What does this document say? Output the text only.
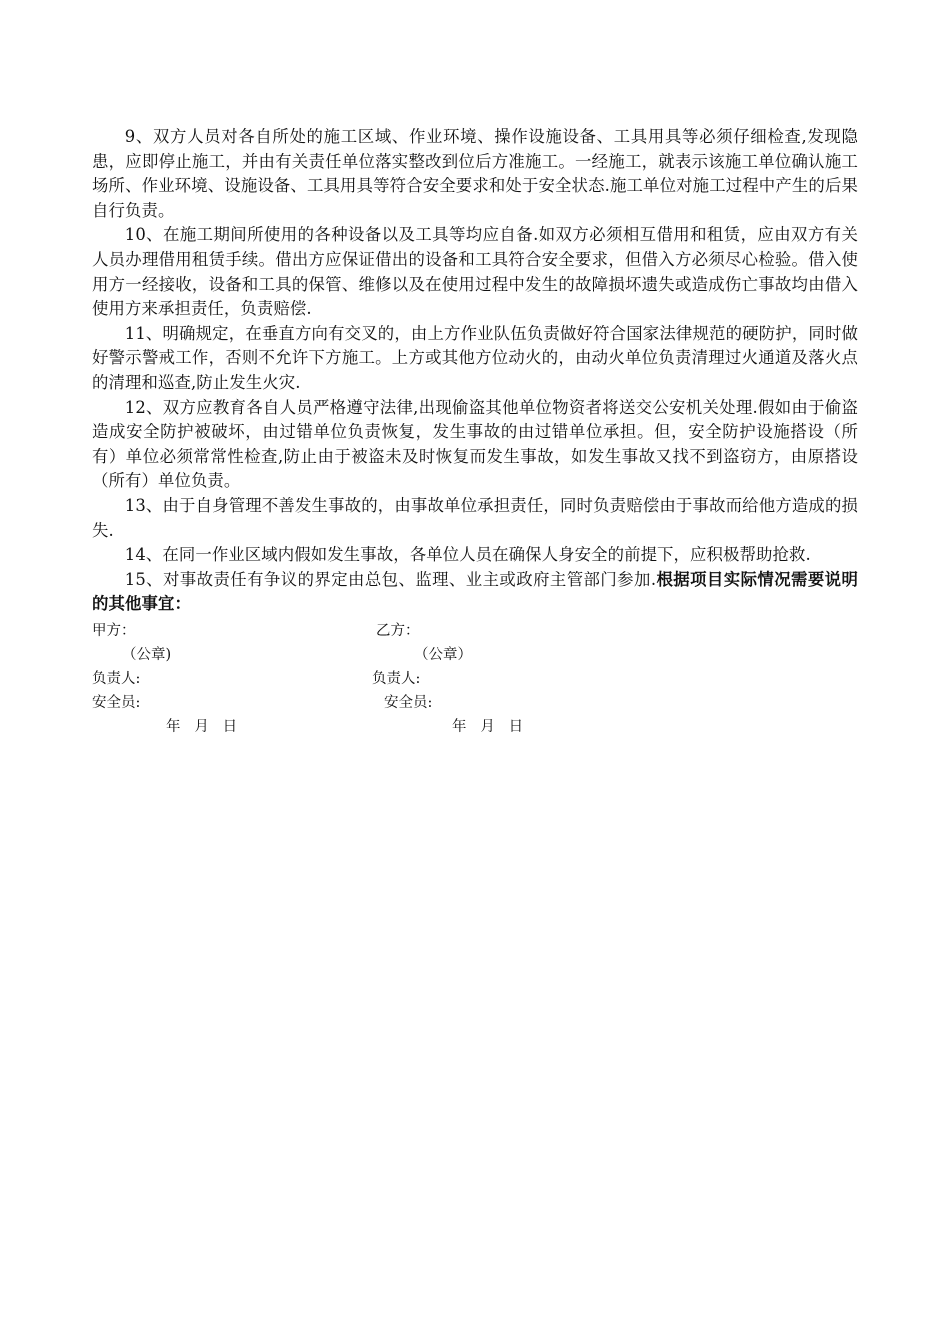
9、双方人员对各自所处的施工区域、作业环境、操作设施设备、工具用具等必须仔细检查,发现隐患，应即停止施工，并由有关责任单位落实整改到位后方准施工。一经施工，就表示该施工单位确认施工场所、作业环境、设施设备、工具用具等符合安全要求和处于安全状态.施工单位对施工过程中产生的后果自行负责。

10、在施工期间所使用的各种设备以及工具等均应自备.如双方必须相互借用和租赁，应由双方有关人员办理借用租赁手续。借出方应保证借出的设备和工具符合安全要求，但借入方必须尽心检验。借入使用方一经接收，设备和工具的保管、维修以及在使用过程中发生的故障损坏遗失或造成伤亡事故均由借入使用方来承担责任，负责赔偿.

11、明确规定，在垂直方向有交叉的，由上方作业队伍负责做好符合国家法律规范的硬防护，同时做好警示警戒工作，否则不允许下方施工。上方或其他方位动火的，由动火单位负责清理过火通道及落火点的清理和巡查,防止发生火灾.

12、双方应教育各自人员严格遵守法律,出现偷盗其他单位物资者将送交公安机关处理.假如由于偷盗造成安全防护被破坏，由过错单位负责恢复，发生事故的由过错单位承担。但，安全防护设施搭设（所有）单位必须常常性检查,防止由于被盗未及时恢复而发生事故，如发生事故又找不到盗窃方，由原搭设（所有）单位负责。

13、由于自身管理不善发生事故的，由事故单位承担责任，同时负责赔偿由于事故而给他方造成的损失.

14、在同一作业区域内假如发生事故，各单位人员在确保人身安全的前提下，应积极帮助抢救.

15、对事故责任有争议的界定由总包、监理、业主或政府主管部门参加.根据项目实际情况需要说明的其他事宜：

甲方：	乙方：
（公章)	（公章）
负责人:	负责人:
安全员:	安全员:
年   月   日	年   月   日
